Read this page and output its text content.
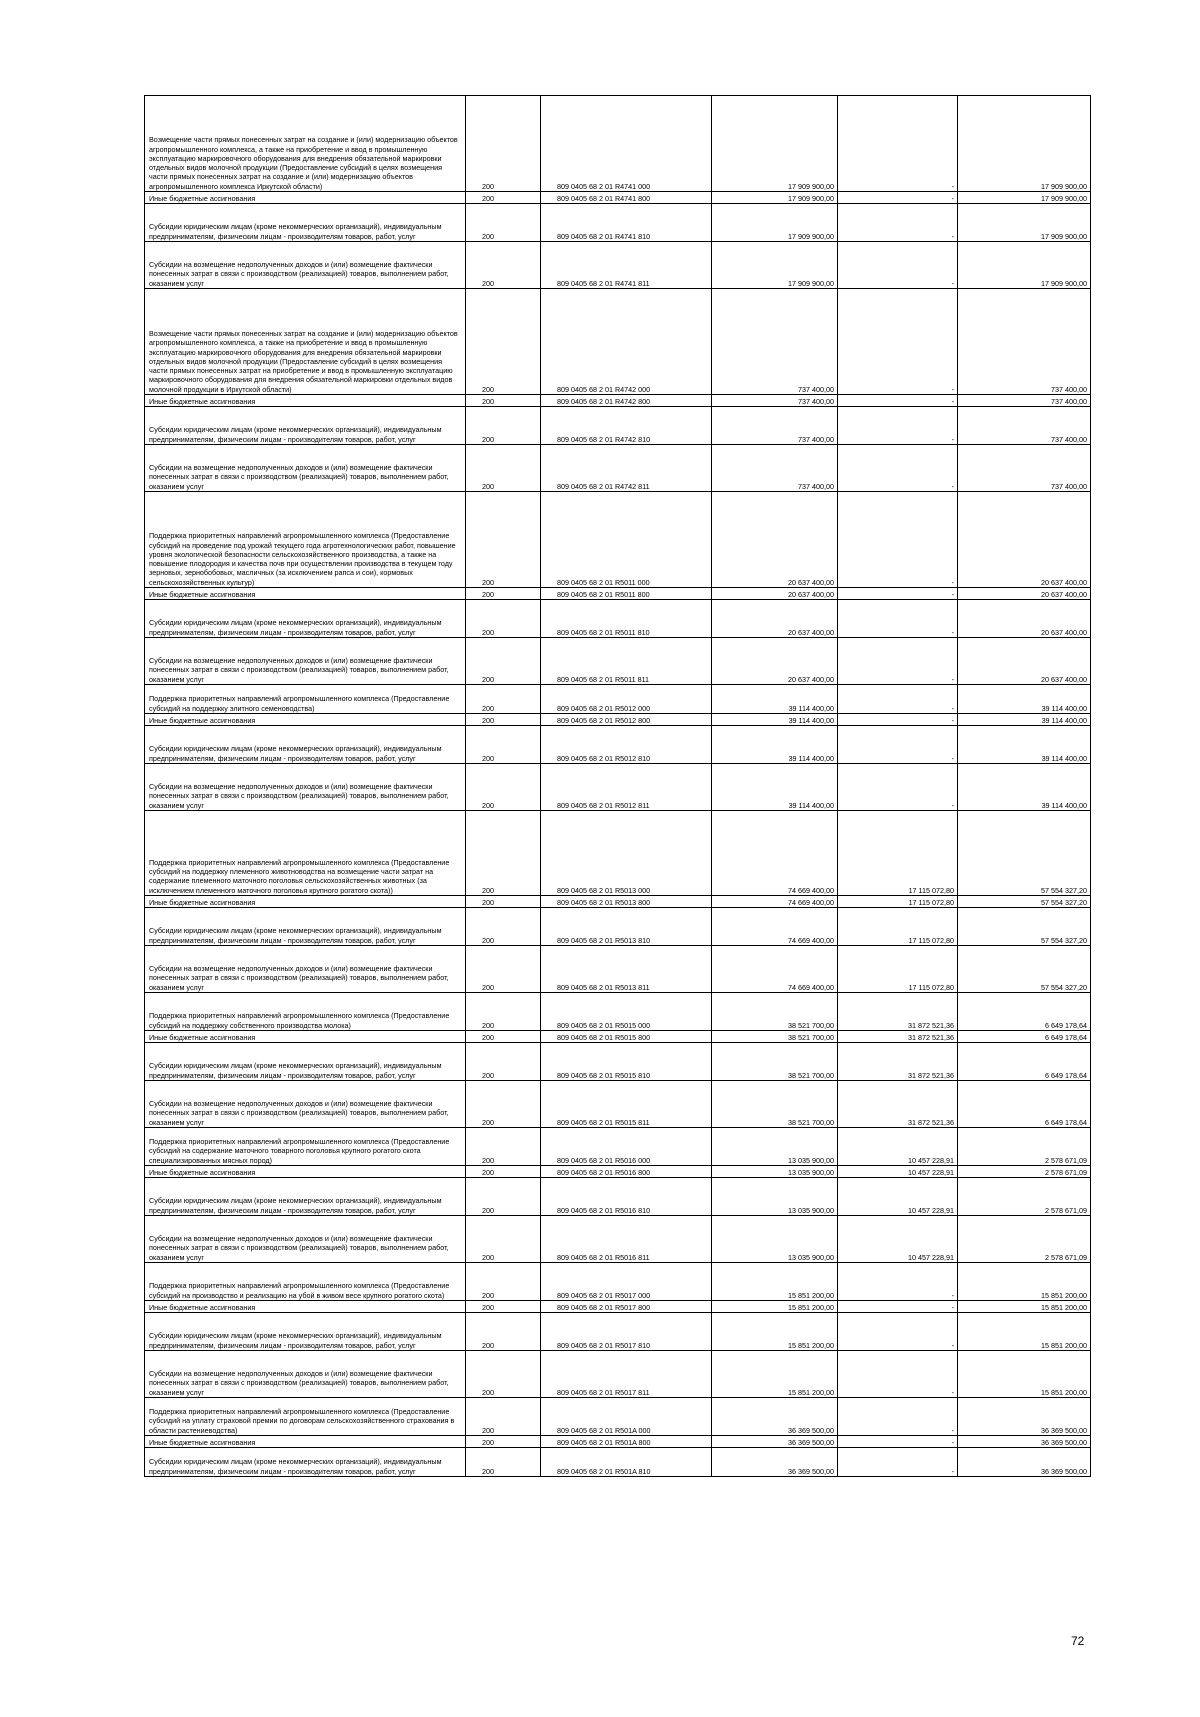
Возмещение части прямых понесенных затрат на создание и (или) модернизацию объектов агропромышленного комплекса, а также на приобретение и ввод в промышленную эксплуатацию маркировочного оборудования для внедрения обязательной маркировки отдельных видов молочной продукции (Предоставление субсидий в целях возмещения части прямых понесенных затрат на создание и (или) модернизацию объектов агропромышленного комплекса Иркутской области)	200	809 0405 68 2 01 R4741 000	17 909 900,00	-	17 909 900,00
Иные бюджетные ассигнования	200	809 0405 68 2 01 R4741 800	17 909 900,00	-	17 909 900,00
Субсидии юридическим лицам (кроме некоммерческих организаций), индивидуальным предпринимателям, физическим лицам - производителям товаров, работ, услуг	200	809 0405 68 2 01 R4741 810	17 909 900,00	-	17 909 900,00
Субсидии на возмещение недополученных доходов и (или) возмещение фактически понесенных затрат в связи с производством (реализацией) товаров, выполнением работ, оказанием услуг	200	809 0405 68 2 01 R4741 811	17 909 900,00	-	17 909 900,00
Возмещение части прямых понесенных затрат на создание и (или) модернизацию объектов агропромышленного комплекса, а также на приобретение и ввод в промышленную эксплуатацию маркировочного оборудования для внедрения обязательной маркировки отдельных видов молочной продукции (Предоставление субсидий в целях возмещения части прямых понесенных затрат на приобретение и ввод в промышленную эксплуатацию маркировочного оборудования для внедрения обязательной маркировки отдельных видов молочной продукции в Иркутской области)	200	809 0405 68 2 01 R4742 000	737 400,00	-	737 400,00
Иные бюджетные ассигнования	200	809 0405 68 2 01 R4742 800	737 400,00	-	737 400,00
Субсидии юридическим лицам (кроме некоммерческих организаций), индивидуальным предпринимателям, физическим лицам - производителям товаров, работ, услуг	200	809 0405 68 2 01 R4742 810	737 400,00	-	737 400,00
Субсидии на возмещение недополученных доходов и (или) возмещение фактически понесенных затрат в связи с производством (реализацией) товаров, выполнением работ, оказанием услуг	200	809 0405 68 2 01 R4742 811	737 400,00	-	737 400,00
Поддержка приоритетных направлений агропромышленного комплекса (Предоставление субсидий на проведение под урожай текущего года агротехнологических работ, повышение уровня экологической безопасности сельскохозяйственного производства, а также на повышение плодородия и качества почв при осуществлении производства в текущем году зерновых, зернобобовых, масличных (за исключением рапса и сои), кормовых сельскохозяйственных культур)	200	809 0405 68 2 01 R5011 000	20 637 400,00	-	20 637 400,00
Иные бюджетные ассигнования	200	809 0405 68 2 01 R5011 800	20 637 400,00	-	20 637 400,00
Субсидии юридическим лицам (кроме некоммерческих организаций), индивидуальным предпринимателям, физическим лицам - производителям товаров, работ, услуг	200	809 0405 68 2 01 R5011 810	20 637 400,00	-	20 637 400,00
Субсидии на возмещение недополученных доходов и (или) возмещение фактически понесенных затрат в связи с производством (реализацией) товаров, выполнением работ, оказанием услуг	200	809 0405 68 2 01 R5011 811	20 637 400,00	-	20 637 400,00
Поддержка приоритетных направлений агропромышленного комплекса (Предоставление субсидий на поддержку элитного семеноводства)	200	809 0405 68 2 01 R5012 000	39 114 400,00	-	39 114 400,00
Иные бюджетные ассигнования	200	809 0405 68 2 01 R5012 800	39 114 400,00	-	39 114 400,00
Субсидии юридическим лицам (кроме некоммерческих организаций), индивидуальным предпринимателям, физическим лицам - производителям товаров, работ, услуг	200	809 0405 68 2 01 R5012 810	39 114 400,00	-	39 114 400,00
Субсидии на возмещение недополученных доходов и (или) возмещение фактически понесенных затрат в связи с производством (реализацией) товаров, выполнением работ, оказанием услуг	200	809 0405 68 2 01 R5012 811	39 114 400,00	-	39 114 400,00
Поддержка приоритетных направлений агропромышленного комплекса (Предоставление субсидий на поддержку племенного животноводства на возмещение части затрат на содержание племенного маточного поголовья сельскохозяйственных животных (за исключением племенного маточного поголовья крупного рогатого скота))	200	809 0405 68 2 01 R5013 000	74 669 400,00	17 115 072,80	57 554 327,20
Иные бюджетные ассигнования	200	809 0405 68 2 01 R5013 800	74 669 400,00	17 115 072,80	57 554 327,20
Субсидии юридическим лицам (кроме некоммерческих организаций), индивидуальным предпринимателям, физическим лицам - производителям товаров, работ, услуг	200	809 0405 68 2 01 R5013 810	74 669 400,00	17 115 072,80	57 554 327,20
Субсидии на возмещение недополученных доходов и (или) возмещение фактически понесенных затрат в связи с производством (реализацией) товаров, выполнением работ, оказанием услуг	200	809 0405 68 2 01 R5013 811	74 669 400,00	17 115 072,80	57 554 327,20
Поддержка приоритетных направлений агропромышленного комплекса (Предоставление субсидий на поддержку собственного производства молока)	200	809 0405 68 2 01 R5015 000	38 521 700,00	31 872 521,36	6 649 178,64
Иные бюджетные ассигнования	200	809 0405 68 2 01 R5015 800	38 521 700,00	31 872 521,36	6 649 178,64
Субсидии юридическим лицам (кроме некоммерческих организаций), индивидуальным предпринимателям, физическим лицам - производителям товаров, работ, услуг	200	809 0405 68 2 01 R5015 810	38 521 700,00	31 872 521,36	6 649 178,64
Субсидии на возмещение недополученных доходов и (или) возмещение фактически понесенных затрат в связи с производством (реализацией) товаров, выполнением работ, оказанием услуг	200	809 0405 68 2 01 R5015 811	38 521 700,00	31 872 521,36	6 649 178,64
Поддержка приоритетных направлений агропромышленного комплекса (Предоставление субсидий на содержание маточного товарного поголовья крупного рогатого скота специализированных мясных пород)	200	809 0405 68 2 01 R5016 000	13 035 900,00	10 457 228,91	2 578 671,09
Иные бюджетные ассигнования	200	809 0405 68 2 01 R5016 800	13 035 900,00	10 457 228,91	2 578 671,09
Субсидии юридическим лицам (кроме некоммерческих организаций), индивидуальным предпринимателям, физическим лицам - производителям товаров, работ, услуг	200	809 0405 68 2 01 R5016 810	13 035 900,00	10 457 228,91	2 578 671,09
Субсидии на возмещение недополученных доходов и (или) возмещение фактически понесенных затрат в связи с производством (реализацией) товаров, выполнением работ, оказанием услуг	200	809 0405 68 2 01 R5016 811	13 035 900,00	10 457 228,91	2 578 671,09
Поддержка приоритетных направлений агропромышленного комплекса (Предоставление субсидий на производство и реализацию на убой в живом весе крупного рогатого скота)	200	809 0405 68 2 01 R5017 000	15 851 200,00	-	15 851 200,00
Иные бюджетные ассигнования	200	809 0405 68 2 01 R5017 800	15 851 200,00	-	15 851 200,00
Субсидии юридическим лицам (кроме некоммерческих организаций), индивидуальным предпринимателям, физическим лицам - производителям товаров, работ, услуг	200	809 0405 68 2 01 R5017 810	15 851 200,00	-	15 851 200,00
Субсидии на возмещение недополученных доходов и (или) возмещение фактически понесенных затрат в связи с производством (реализацией) товаров, выполнением работ, оказанием услуг	200	809 0405 68 2 01 R5017 811	15 851 200,00	-	15 851 200,00
Поддержка приоритетных направлений агропромышленного комплекса (Предоставление субсидий на уплату страховой премии по договорам сельскохозяйственного страхования в области растениеводства)	200	809 0405 68 2 01 R501A 000	36 369 500,00	-	36 369 500,00
Иные бюджетные ассигнования	200	809 0405 68 2 01 R501A 800	36 369 500,00	-	36 369 500,00
Субсидии юридическим лицам (кроме некоммерческих организаций), индивидуальным предпринимателям, физическим лицам - производителям товаров, работ, услуг	200	809 0405 68 2 01 R501A 810	36 369 500,00	-	36 369 500,00
72
